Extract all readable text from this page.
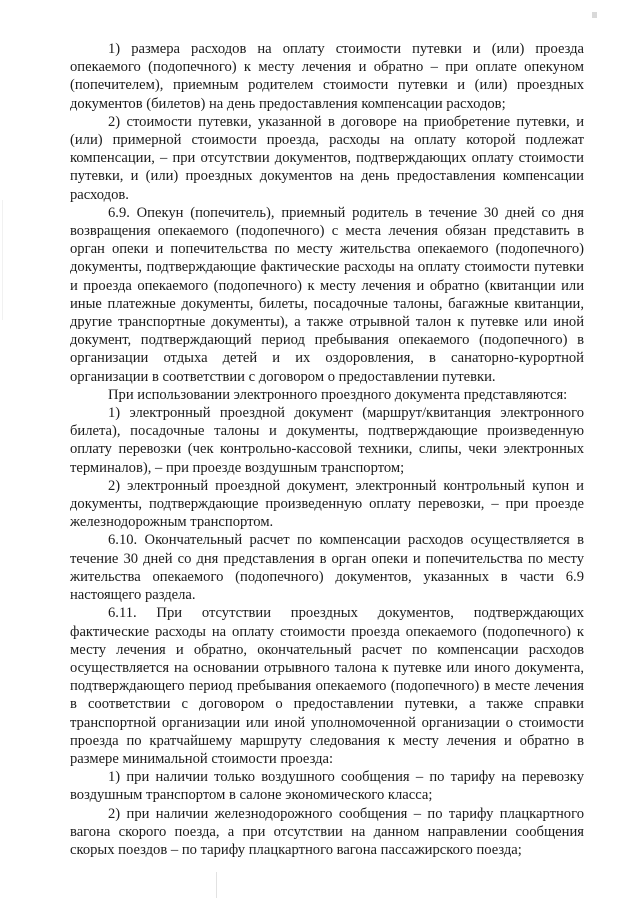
1) размера расходов на оплату стоимости путевки и (или) проезда опекаемого (подопечного) к месту лечения и обратно – при оплате опекуном (попечителем), приемным родителем стоимости путевки и (или) проездных документов (билетов) на день предоставления компенсации расходов;

2) стоимости путевки, указанной в договоре на приобретение путевки, и (или) примерной стоимости проезда, расходы на оплату которой подлежат компенсации, – при отсутствии документов, подтверждающих оплату стоимости путевки, и (или) проездных документов на день предоставления компенсации расходов.

6.9. Опекун (попечитель), приемный родитель в течение 30 дней со дня возвращения опекаемого (подопечного) с места лечения обязан представить в орган опеки и попечительства по месту жительства опекаемого (подопечного) документы, подтверждающие фактические расходы на оплату стоимости путевки и проезда опекаемого (подопечного) к месту лечения и обратно (квитанции или иные платежные документы, билеты, посадочные талоны, багажные квитанции, другие транспортные документы), а также отрывной талон к путевке или иной документ, подтверждающий период пребывания опекаемого (подопечного) в организации отдыха детей и их оздоровления, в санаторно-курортной организации в соответствии с договором о предоставлении путевки.

При использовании электронного проездного документа представляются:

1) электронный проездной документ (маршрут/квитанция электронного билета), посадочные талоны и документы, подтверждающие произведенную оплату перевозки (чек контрольно-кассовой техники, слипы, чеки электронных терминалов), – при проезде воздушным транспортом;

2) электронный проездной документ, электронный контрольный купон и документы, подтверждающие произведенную оплату перевозки, – при проезде железнодорожным транспортом.

6.10. Окончательный расчет по компенсации расходов осуществляется в течение 30 дней со дня представления в орган опеки и попечительства по месту жительства опекаемого (подопечного) документов, указанных в части 6.9 настоящего раздела.

6.11. При отсутствии проездных документов, подтверждающих фактические расходы на оплату стоимости проезда опекаемого (подопечного) к месту лечения и обратно, окончательный расчет по компенсации расходов осуществляется на основании отрывного талона к путевке или иного документа, подтверждающего период пребывания опекаемого (подопечного) в месте лечения в соответствии с договором о предоставлении путевки, а также справки транспортной организации или иной уполномоченной организации о стоимости проезда по кратчайшему маршруту следования к месту лечения и обратно в размере минимальной стоимости проезда:

1) при наличии только воздушного сообщения – по тарифу на перевозку воздушным транспортом в салоне экономического класса;

2) при наличии железнодорожного сообщения – по тарифу плацкартного вагона скорого поезда, а при отсутствии на данном направлении сообщения скорых поездов – по тарифу плацкартного вагона пассажирского поезда;
